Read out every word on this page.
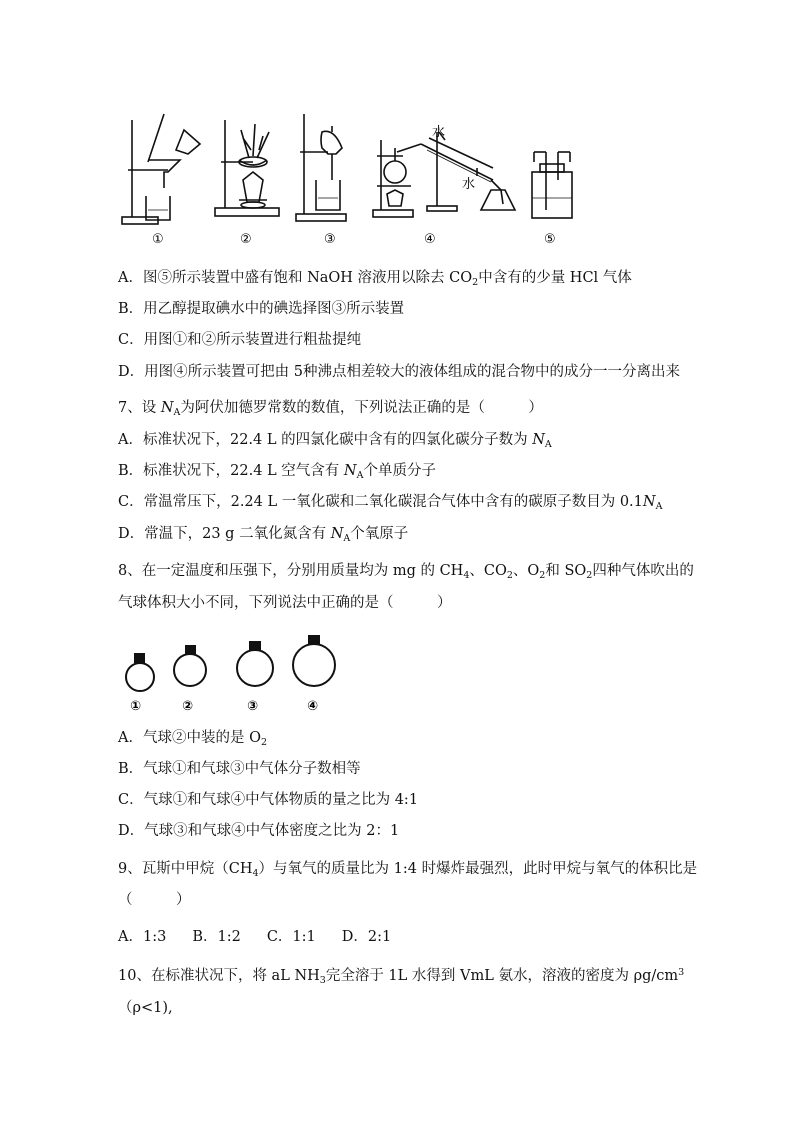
水
水
①	②	③	④	⑤
A．图⑤所示装置中盛有饱和 NaOH 溶液用以除去 $CO_2$中含有的少量 HCl 气体
B．用乙醇提取碘水中的碘选择图③所示装置
C．用图①和②所示装置进行粗盐提纯
D．用图④所示装置可把由 5种沸点相差较大的液体组成的混合物中的成分一一分离出来
7、设 $N_A$为阿伏加德罗常数的数值，下列说法正确的是（　　　）
A．标准状况下，22.4 L 的四氯化碳中含有的四氯化碳分子数为 $N_A$
B．标准状况下，22.4 L 空气含有 $N_A$个单质分子
C．常温常压下，2.24 L 一氧化碳和二氧化碳混合气体中含有的碳原子数目为 $0.1N_A$
D．常温下，23 g 二氧化氮含有 $N_A$个氧原子
8、在一定温度和压强下，分别用质量均为 mg 的 $CH_4$、$CO_2$、$O_2$和 $SO_2$四种气体吹出的
气球体积大小不同，下列说法中正确的是（　　　）
①	②	③	④
A．气球②中装的是 $O_2$
B．气球①和气球③中气体分子数相等
C．气球①和气球④中气体物质的量之比为 4:1
D．气球③和气球④中气体密度之比为 2：1
9、瓦斯中甲烷$(CH_4)$与氧气的质量比为 1:4 时爆炸最强烈，此时甲烷与氧气的体积比是
（　　　）
A．1:3 B．1:2 C．1:1 D．2:1
10、在标准状况下，将 aL $NH_3$完全溶于 1L 水得到 VmL 氨水，溶液的密度为 $\rho g/cm^3$
（ρ<1),
